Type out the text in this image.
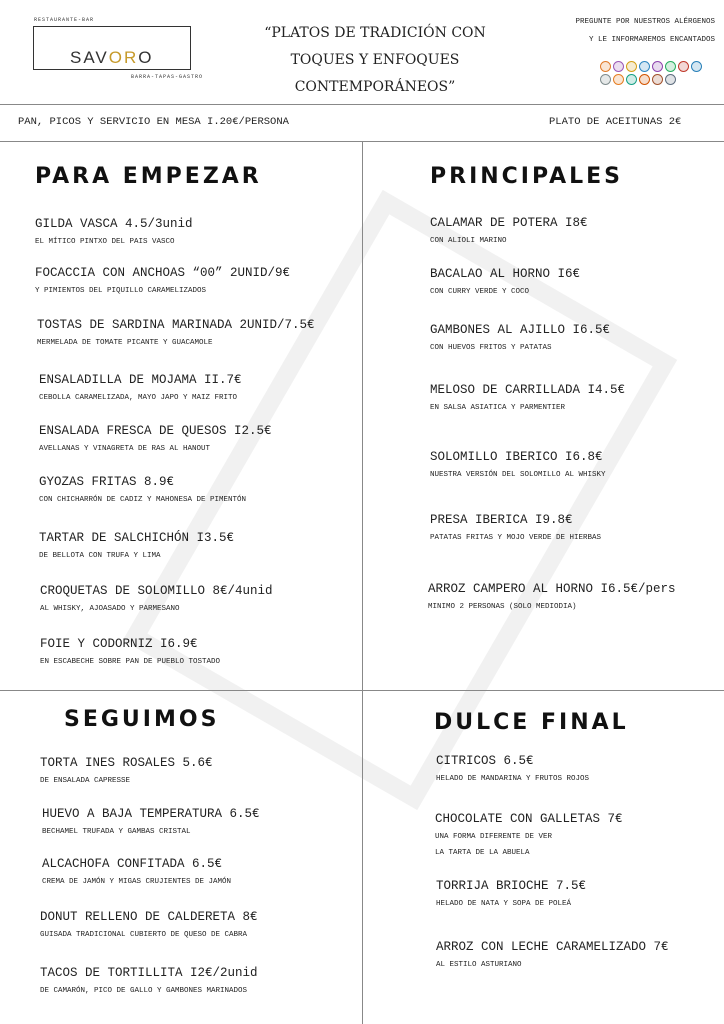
RESTAURANTE-BAR
SAVORO
BARRA-TAPAS-GASTRO
“PLATOS DE TRADICIÓN CON
TOQUES Y ENFOQUES
CONTEMPORÁNEOS”
PREGUNTE POR NUESTROS ALÉRGENOS
Y LE INFORMAREMOS ENCANTADOS
PAN, PICOS Y SERVICIO EN MESA I.20€/PERSONA	PLATO DE ACEITUNAS 2€
PARA EMPEZAR	PRINCIPALES
SEGUIMOS	DULCE FINAL
GILDA VASCA 4.5/3unid
EL MÍTICO PINTXO DEL PAIS VASCO
FOCACCIA CON ANCHOAS “00” 2UNID/9€
Y PIMIENTOS DEL PIQUILLO CARAMELIZADOS
TOSTAS DE SARDINA MARINADA 2UNID/7.5€
MERMELADA DE TOMATE PICANTE Y GUACAMOLE
ENSALADILLA DE MOJAMA II.7€
CEBOLLA CARAMELIZADA, MAYO JAPO Y MAIZ FRITO
ENSALADA FRESCA DE QUESOS I2.5€
AVELLANAS Y VINAGRETA DE RAS AL HANOUT
GYOZAS FRITAS 8.9€
CON CHICHARRÓN DE CADIZ Y MAHONESA DE PIMENTÓN
TARTAR DE SALCHICHÓN I3.5€
DE BELLOTA CON TRUFA Y LIMA
CROQUETAS DE SOLOMILLO 8€/4unid
AL WHISKY, AJOASADO Y PARMESANO
FOIE Y CODORNIZ I6.9€
EN ESCABECHE SOBRE PAN DE PUEBLO TOSTADO
CALAMAR DE POTERA I8€
CON ALIOLI MARINO
BACALAO AL HORNO I6€
CON CURRY VERDE Y COCO
GAMBONES AL AJILLO I6.5€
CON HUEVOS FRITOS Y PATATAS
MELOSO DE CARRILLADA I4.5€
EN SALSA ASIATICA Y PARMENTIER
SOLOMILLO IBERICO I6.8€
NUESTRA VERSIÓN DEL SOLOMILLO AL WHISKY
PRESA IBERICA I9.8€
PATATAS FRITAS Y MOJO VERDE DE HIERBAS
ARROZ CAMPERO AL HORNO I6.5€/pers
MINIMO 2 PERSONAS (SOLO MEDIODIA)
TORTA INES ROSALES 5.6€
DE ENSALADA CAPRESSE
HUEVO A BAJA TEMPERATURA 6.5€
BECHAMEL TRUFADA Y GAMBAS CRISTAL
ALCACHOFA CONFITADA 6.5€
CREMA DE JAMÓN Y MIGAS CRUJIENTES DE JAMÓN
DONUT RELLENO DE CALDERETA 8€
GUISADA TRADICIONAL CUBIERTO DE QUESO DE CABRA
TACOS DE TORTILLITA I2€/2unid
DE CAMARÓN, PICO DE GALLO Y GAMBONES MARINADOS
CITRICOS 6.5€
HELADO DE MANDARINA Y FRUTOS ROJOS
CHOCOLATE CON GALLETAS 7€
UNA FORMA DIFERENTE DE VER
LA TARTA DE LA ABUELA
TORRIJA BRIOCHE 7.5€
HELADO DE NATA Y SOPA DE POLEÁ
ARROZ CON LECHE CARAMELIZADO 7€
AL ESTILO ASTURIANO
